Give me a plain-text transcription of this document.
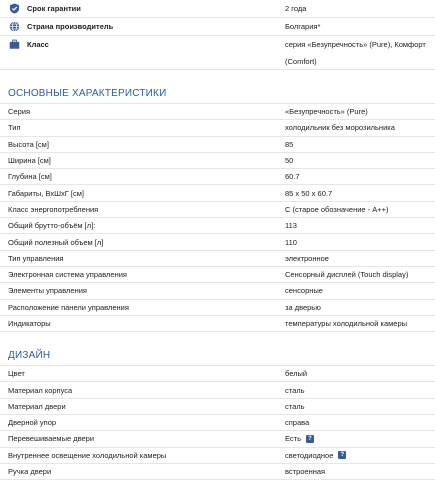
Срок гарантии	2 года
Страна производитель	Болгария*
Класс	серия «Безупречность» (Pure), Комфорт
(Comfort)
ОСНОВНЫЕ ХАРАКТЕРИСТИКИ
Серия	«Безупречность» (Pure)
Тип	холодильник без морозильника
Высота [см]	85
Ширина [см]	50
Глубина [см]	60.7
Габариты, ВхШхГ [см]	85 x 50 x 60.7
Класс энергопотребления	С (старое обозначение - A++)
Общий брутто-объём [л]:	113
Общий полезный объем [л]	110
Тип управления	электронное
Электронная система управления	Сенсорный дисплей (Touch display)
Элементы управления	сенсорные
Расположение панели управления	за дверью
Индикаторы	температуры холодильной камеры
ДИЗАЙН
Цвет	белый
Материал корпуса	сталь
Материал двери	сталь
Дверной упор	справа
Перевешиваемые двери	Есть	?
Внутреннее освещение холодильной камеры	светодиодное	?
Ручка двери	встроенная
